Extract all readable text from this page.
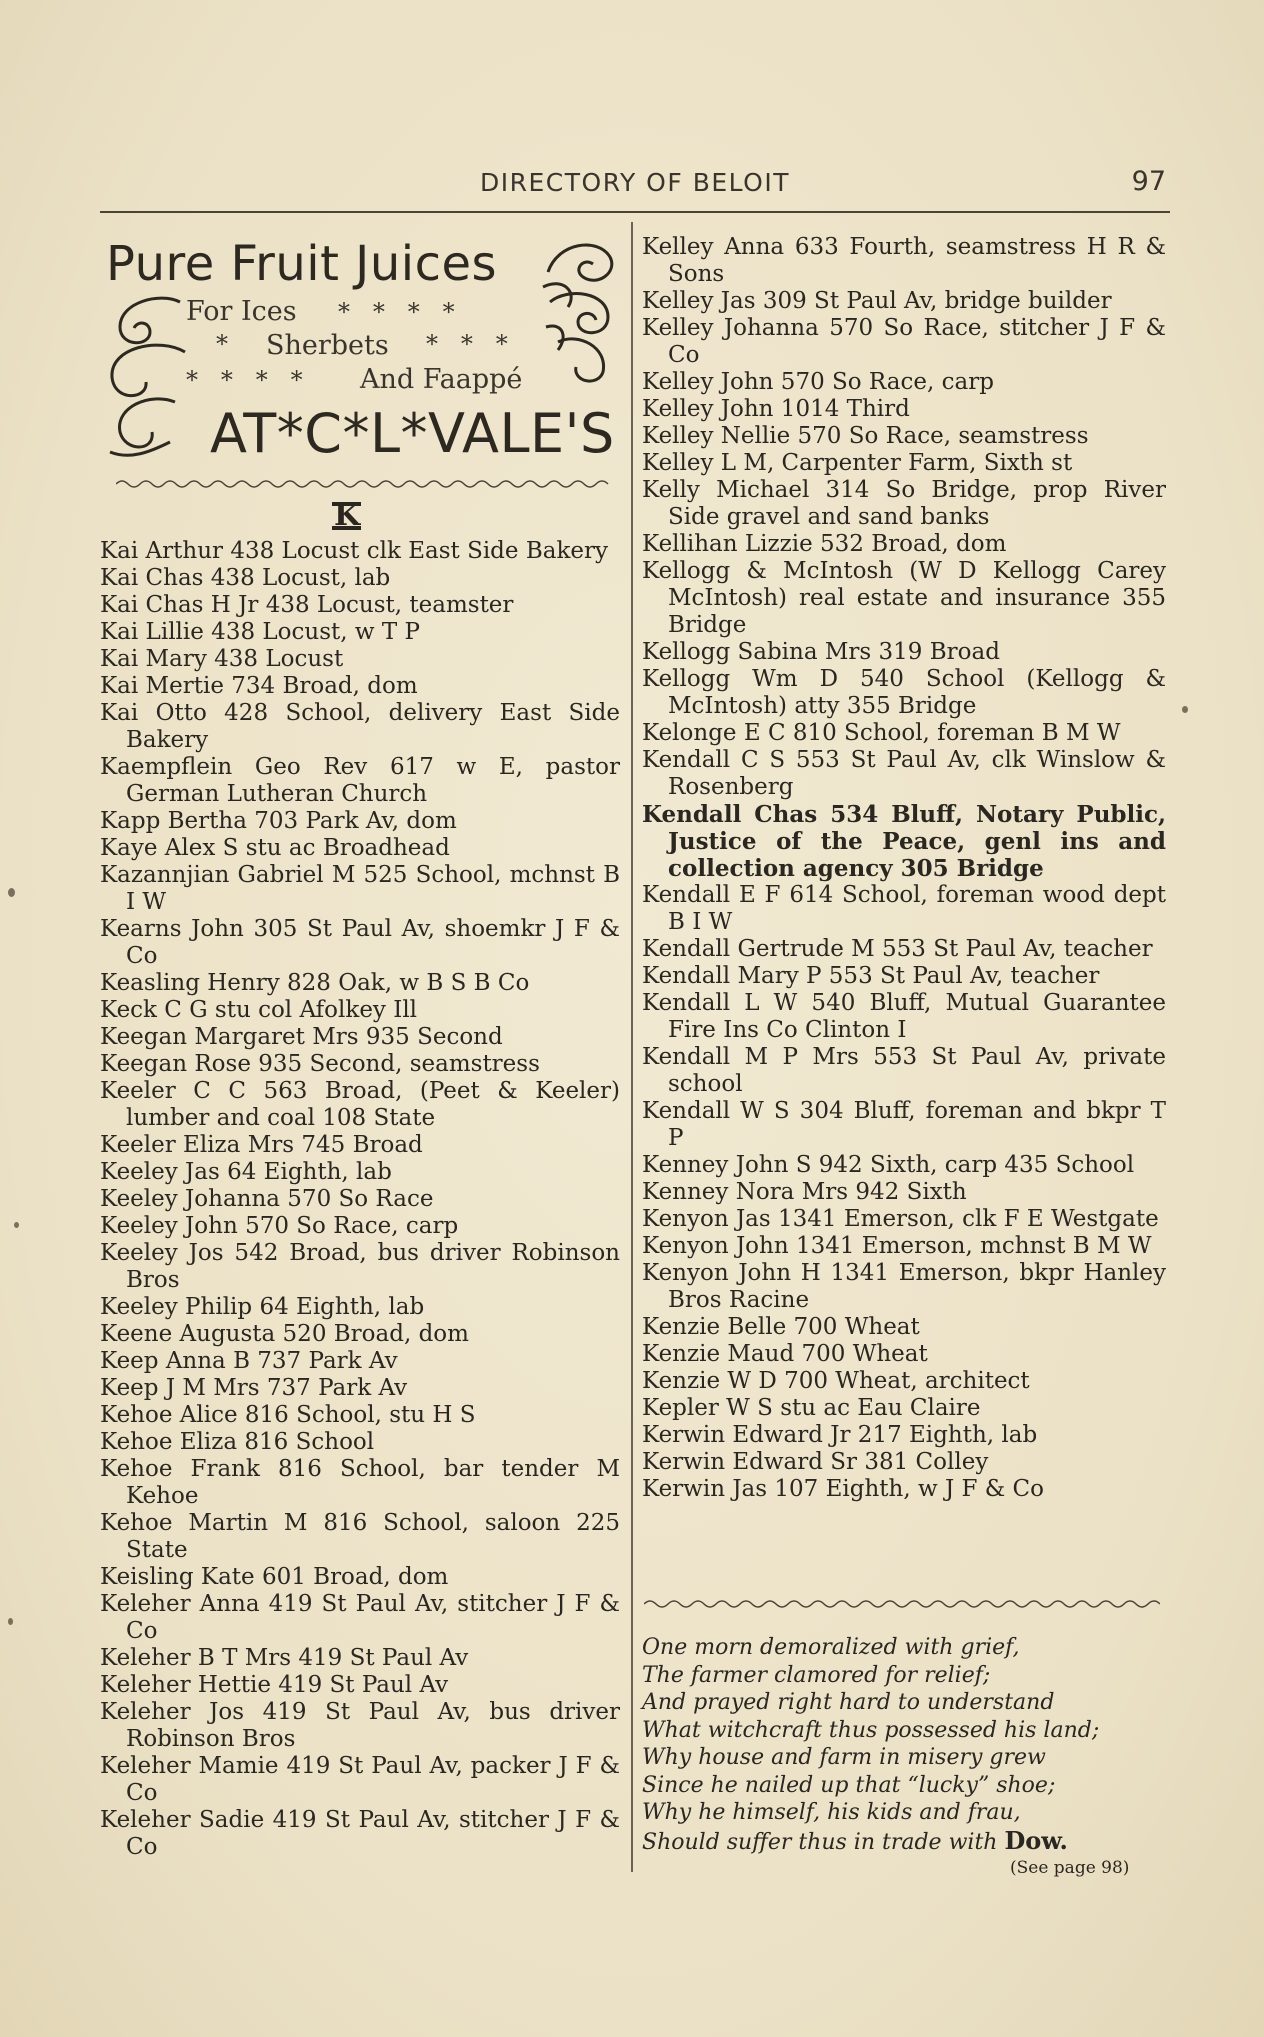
DIRECTORY OF BELOIT	97
Pure Fruit Juices
For Ices *   *   *   *
* Sherbets *   *   *
*   *   *   * And Faappé
AT*C*L*VALE'S
K
Kai Arthur 438 Locust clk East Side Bakery
Kai Chas 438 Locust, lab
Kai Chas H Jr 438 Locust, teamster
Kai Lillie 438 Locust, w T P
Kai Mary 438 Locust
Kai Mertie 734 Broad, dom
Kai Otto 428 School, delivery East Side Bakery
Kaempflein Geo Rev 617 w E, pastor German Lutheran Church
Kapp Bertha 703 Park Av, dom
Kaye Alex S stu ac Broadhead
Kazannjian Gabriel M 525 School, mchnst B I W
Kearns John 305 St Paul Av, shoemkr J F & Co
Keasling Henry 828 Oak, w B S B Co
Keck C G stu col Afolkey Ill
Keegan Margaret Mrs 935 Second
Keegan Rose 935 Second, seamstress
Keeler C C 563 Broad, (Peet & Keeler) lumber and coal 108 State
Keeler Eliza Mrs 745 Broad
Keeley Jas 64 Eighth, lab
Keeley Johanna 570 So Race
Keeley John 570 So Race, carp
Keeley Jos 542 Broad, bus driver Robinson Bros
Keeley Philip 64 Eighth, lab
Keene Augusta 520 Broad, dom
Keep Anna B 737 Park Av
Keep J M Mrs 737 Park Av
Kehoe Alice 816 School, stu H S
Kehoe Eliza 816 School
Kehoe Frank 816 School, bar tender M Kehoe
Kehoe Martin M 816 School, saloon 225 State
Keisling Kate 601 Broad, dom
Keleher Anna 419 St Paul Av, stitcher J F & Co
Keleher B T Mrs 419 St Paul Av
Keleher Hettie 419 St Paul Av
Keleher Jos 419 St Paul Av, bus driver Robinson Bros
Keleher Mamie 419 St Paul Av, packer J F & Co
Keleher Sadie 419 St Paul Av, stitcher J F & Co
Kelley Anna 633 Fourth, seamstress H R & Sons
Kelley Jas 309 St Paul Av, bridge builder
Kelley Johanna 570 So Race, stitcher J F & Co
Kelley John 570 So Race, carp
Kelley John 1014 Third
Kelley Nellie 570 So Race, seamstress
Kelley L M, Carpenter Farm, Sixth st
Kelly Michael 314 So Bridge, prop River Side gravel and sand banks
Kellihan Lizzie 532 Broad, dom
Kellogg & McIntosh (W D Kellogg Carey McIntosh) real estate and insurance 355 Bridge
Kellogg Sabina Mrs 319 Broad
Kellogg Wm D 540 School (Kellogg & McIntosh) atty 355 Bridge
Kelonge E C 810 School, foreman B M W
Kendall C S 553 St Paul Av, clk Winslow & Rosenberg
Kendall Chas 534 Bluff, Notary Public, Justice of the Peace, genl ins and collection agency 305 Bridge
Kendall E F 614 School, foreman wood dept B I W
Kendall Gertrude M 553 St Paul Av, teacher
Kendall Mary P 553 St Paul Av, teacher
Kendall L W 540 Bluff, Mutual Guarantee Fire Ins Co Clinton I
Kendall M P Mrs 553 St Paul Av, private school
Kendall W S 304 Bluff, foreman and bkpr T P
Kenney John S 942 Sixth, carp 435 School
Kenney Nora Mrs 942 Sixth
Kenyon Jas 1341 Emerson, clk F E Westgate
Kenyon John 1341 Emerson, mchnst B M W
Kenyon John H 1341 Emerson, bkpr Hanley Bros Racine
Kenzie Belle 700 Wheat
Kenzie Maud 700 Wheat
Kenzie W D 700 Wheat, architect
Kepler W S stu ac Eau Claire
Kerwin Edward Jr 217 Eighth, lab
Kerwin Edward Sr 381 Colley
Kerwin Jas 107 Eighth, w J F & Co
One morn demoralized with grief,
The farmer clamored for relief;
And prayed right hard to understand
What witchcraft thus possessed his land;
Why house and farm in misery grew
Since he nailed up that “lucky” shoe;
Why he himself, his kids and frau,
Should suffer thus in trade with Dow.
(See page 98)
